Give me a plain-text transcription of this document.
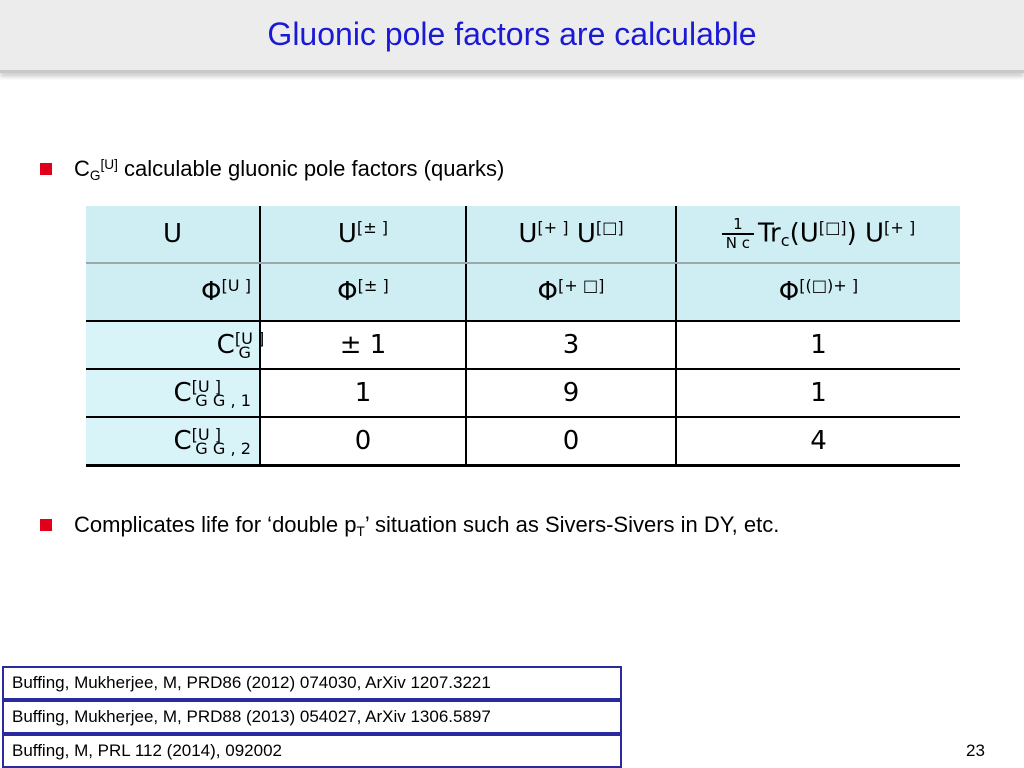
Gluonic pole factors are calculable
$C_G[U]$ calculable gluonic pole factors (quarks)
U	U[± ]	U[+ ] U[□]	$\frac{1}{\text{N c}} Tr_c(U[□])$ U[+ ]
Φ[U ]	Φ[± ]	Φ[+ □]	Φ[(□)+ ]
$C[U ]_G$	± 1	3	1
$C[U ]_{G G , 1}$	1	9	1
$C[U ]_{G G , 2}$	0	0	4
Complicates life for ‘double $p_T$’ situation such as Sivers-Sivers in DY, etc.
Buffing, Mukherjee, M, PRD86 (2012) 074030, ArXiv 1207.3221
Buffing, Mukherjee, M, PRD88 (2013) 054027, ArXiv 1306.5897
Buffing, M, PRL 112 (2014), 092002	23
